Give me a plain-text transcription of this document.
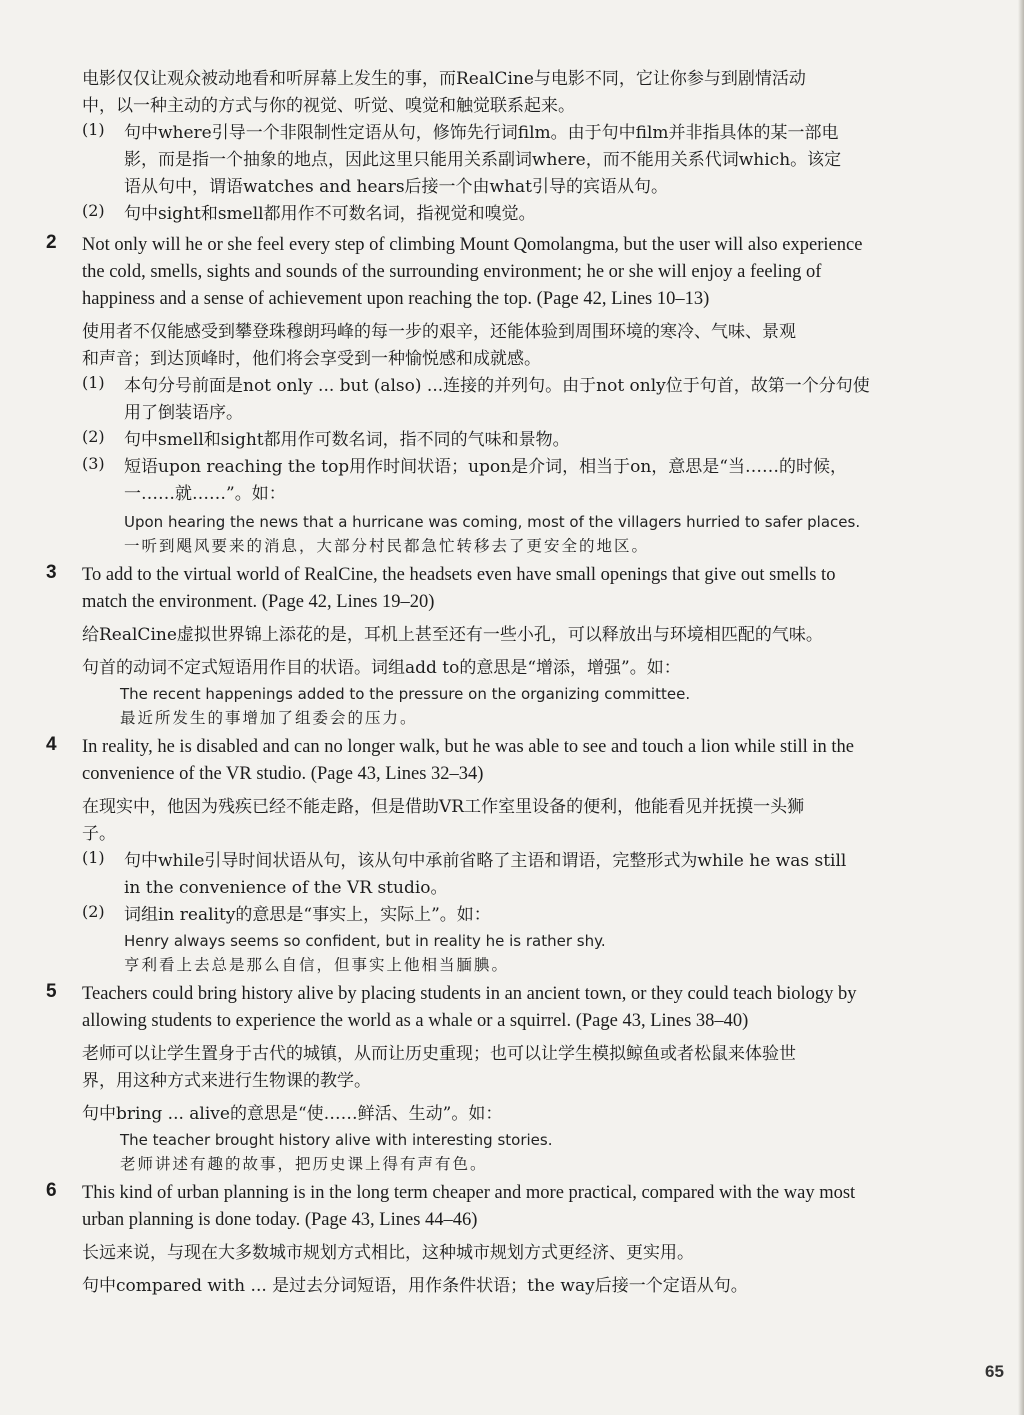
电影仅仅让观众被动地看和听屏幕上发生的事，而RealCine与电影不同，它让你参与到剧情活动

中，以一种主动的方式与你的视觉、听觉、嗅觉和触觉联系起来。

(1) 句中where引导一个非限制性定语从句，修饰先行词film。由于句中film并非指具体的某一部电

影，而是指一个抽象的地点，因此这里只能用关系副词where，而不能用关系代词which。该定

语从句中，谓语watches and hears后接一个由what引导的宾语从句。

(2) 句中sight和smell都用作不可数名词，指视觉和嗅觉。

2 Not only will he or she feel every step of climbing Mount Qomolangma, but the user will also experience

the cold, smells, sights and sounds of the surrounding environment; he or she will enjoy a feeling of

happiness and a sense of achievement upon reaching the top. (Page 42, Lines 10–13)

使用者不仅能感受到攀登珠穆朗玛峰的每一步的艰辛，还能体验到周围环境的寒冷、气味、景观

和声音；到达顶峰时，他们将会享受到一种愉悦感和成就感。

(1) 本句分号前面是not only ... but (also) ...连接的并列句。由于not only位于句首，故第一个分句使

用了倒装语序。

(2) 句中smell和sight都用作可数名词，指不同的气味和景物。

(3) 短语upon reaching the top用作时间状语；upon是介词，相当于on，意思是“当……的时候，

一……就……”。如：

Upon hearing the news that a hurricane was coming, most of the villagers hurried to safer places.

一听到飓风要来的消息，大部分村民都急忙转移去了更安全的地区。

3 To add to the virtual world of RealCine, the headsets even have small openings that give out smells to

match the environment. (Page 42, Lines 19–20)

给RealCine虚拟世界锦上添花的是，耳机上甚至还有一些小孔，可以释放出与环境相匹配的气味。

句首的动词不定式短语用作目的状语。词组add to的意思是“增添，增强”。如：

The recent happenings added to the pressure on the organizing committee.

最近所发生的事增加了组委会的压力。

4 In reality, he is disabled and can no longer walk, but he was able to see and touch a lion while still in the

convenience of the VR studio. (Page 43, Lines 32–34)

在现实中，他因为残疾已经不能走路，但是借助VR工作室里设备的便利，他能看见并抚摸一头狮

子。

(1) 句中while引导时间状语从句，该从句中承前省略了主语和谓语，完整形式为while he was still

in the convenience of the VR studio。

(2) 词组in reality的意思是“事实上，实际上”。如：

Henry always seems so confident, but in reality he is rather shy.

亨利看上去总是那么自信，但事实上他相当腼腆。

5 Teachers could bring history alive by placing students in an ancient town, or they could teach biology by

allowing students to experience the world as a whale or a squirrel. (Page 43, Lines 38–40)

老师可以让学生置身于古代的城镇，从而让历史重现；也可以让学生模拟鲸鱼或者松鼠来体验世

界，用这种方式来进行生物课的教学。

句中bring ... alive的意思是“使……鲜活、生动”。如：

The teacher brought history alive with interesting stories.

老师讲述有趣的故事，把历史课上得有声有色。

6 This kind of urban planning is in the long term cheaper and more practical, compared with the way most

urban planning is done today. (Page 43, Lines 44–46)

长远来说，与现在大多数城市规划方式相比，这种城市规划方式更经济、更实用。

句中compared with ... 是过去分词短语，用作条件状语；the way后接一个定语从句。

65
